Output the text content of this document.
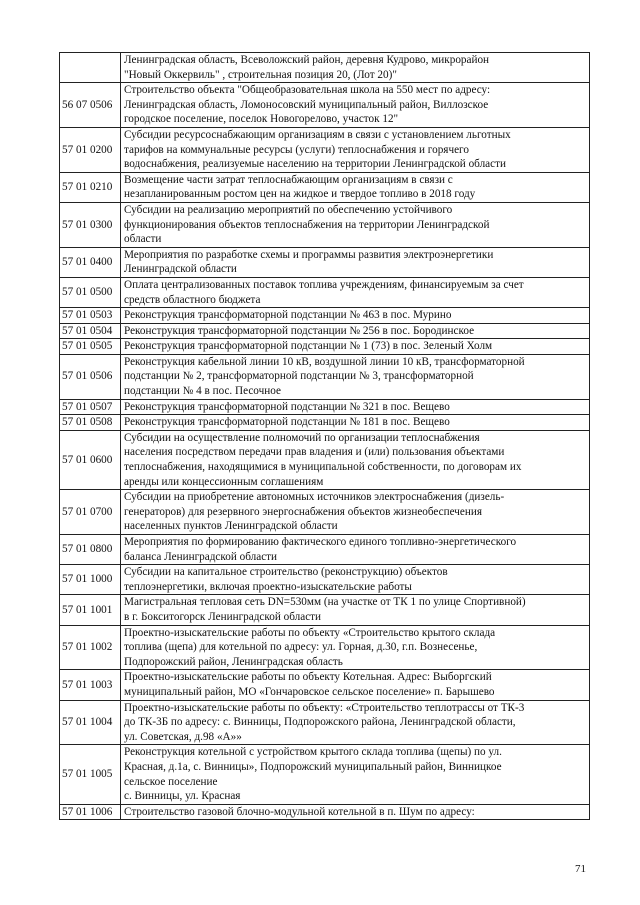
	Ленинградская область, Всеволожский район, деревня Кудрово, микрорайон
"Новый Оккервиль" , строительная позиция 20, (Лот 20)"

56 07 0506	Строительство объекта "Общеобразовательная школа на 550 мест по адресу:
Ленинградская область, Ломоносовский муниципальный район, Виллозское
городское поселение, поселок Новогорелово, участок 12"

57 01 0200	Субсидии ресурсоснабжающим организациям в связи с установлением льготных
тарифов на коммунальные ресурсы (услуги) теплоснабжения и горячего
водоснабжения, реализуемые населению на территории Ленинградской области

57 01 0210	Возмещение части затрат теплоснабжающим организациям в связи с
незапланированным ростом цен на жидкое и твердое топливо в 2018 году

57 01 0300	Субсидии на реализацию мероприятий по обеспечению устойчивого
функционирования объектов теплоснабжения на территории Ленинградской
области

57 01 0400	Мероприятия по разработке схемы и программы развития электроэнергетики
Ленинградской области

57 01 0500	Оплата централизованных поставок топлива учреждениям, финансируемым за счет
средств областного бюджета

57 01 0503	Реконструкция трансформаторной подстанции № 463 в пос. Мурино

57 01 0504	Реконструкция трансформаторной подстанции № 256 в пос. Бородинское

57 01 0505	Реконструкция трансформаторной подстанции № 1 (73) в пос. Зеленый Холм

57 01 0506	Реконструкция кабельной линии 10 кВ, воздушной линии 10 кВ, трансформаторной
подстанции № 2, трансформаторной подстанции № 3, трансформаторной
подстанции № 4 в пос. Песочное

57 01 0507	Реконструкция трансформаторной подстанции № 321 в пос. Вещево

57 01 0508	Реконструкция трансформаторной подстанции № 181 в пос. Вещево

57 01 0600	Субсидии на осуществление полномочий по организации теплоснабжения
населения посредством передачи прав владения и (или) пользования объектами
теплоснабжения, находящимися в муниципальной собственности, по договорам их
аренды или концессионным соглашениям

57 01 0700	Субсидии на приобретение автономных источников электроснабжения (дизель-
генераторов) для резервного энергоснабжения объектов жизнеобеспечения
населенных пунктов Ленинградской области

57 01 0800	Мероприятия по формированию фактического единого топливно-энергетического
баланса Ленинградской области

57 01 1000	Субсидии на капитальное строительство (реконструкцию) объектов
теплоэнергетики, включая проектно-изыскательские работы

57 01 1001	Магистральная тепловая сеть DN=530мм (на участке от ТК 1 по улице Спортивной)
в г. Бокситогорск Ленинградской области

57 01 1002	Проектно-изыскательские работы по объекту «Строительство крытого склада
топлива (щепа) для котельной по адресу: ул. Горная, д.30, г.п. Вознесенье,
Подпорожский район, Ленинградская область

57 01 1003	Проектно-изыскательские работы по объекту Котельная. Адрес: Выборгский
муниципальный район, МО «Гончаровское сельское поселение» п. Барышево

57 01 1004	Проектно-изыскательские работы по объекту: «Строительство теплотрассы от ТК-3
до ТК-3Б по адресу: с. Винницы, Подпорожского района, Ленинградской области,
ул. Советская, д.98 «А»»

57 01 1005	Реконструкция котельной с устройством крытого склада топлива (щепы) по ул.
Красная, д.1а, с. Винницы», Подпорожский муниципальный район, Винницкое
сельское поселение
с. Винницы, ул. Красная

57 01 1006	Строительство газовой блочно-модульной котельной в п. Шум по адресу:
71
